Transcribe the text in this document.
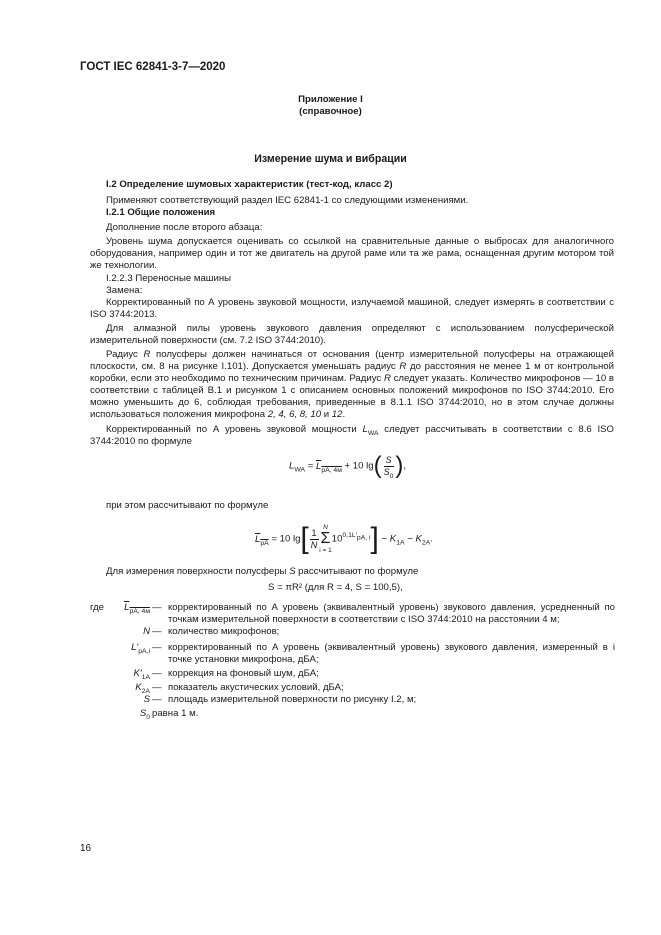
ГОСТ IEC 62841-3-7—2020
Приложение I
(справочное)
Измерение шума и вибрации
I.2 Определение шумовых характеристик (тест-код, класс 2)
Применяют соответствующий раздел IEC 62841-1 со следующими изменениями.
I.2.1 Общие положения
Дополнение после второго абзаца:
Уровень шума допускается оценивать со ссылкой на сравнительные данные о выбросах для аналогичного оборудования, например один и тот же двигатель на другой раме или та же рама, оснащенная другим мотором той же технологии.
I.2.2.3 Переносные машины
Замена:
Корректированный по А уровень звуковой мощности, излучаемой машиной, следует измерять в соответствии с ISO 3744:2013.
Для алмазной пилы уровень звукового давления определяют с использованием полусферической измерительной поверхности (см. 7.2 ISO 3744:2010).
Радиус R полусферы должен начинаться от основания (центр измерительной полусферы на отражающей плоскости, см. 8 на рисунке I.101). Допускается уменьшать радиус R до расстояния не менее 1 м от контрольной коробки, если это необходимо по техническим причинам. Радиус R следует указать. Количество микрофонов — 10 в соответствии с таблицей B.1 и рисунком 1 с описанием основных положений микрофонов по ISO 3744:2010. Его можно уменьшить до 6, соблюдая требования, приведенные в 8.1.1 ISO 3744:2010, но в этом случае должны использоваться положения микрофона 2, 4, 6, 8, 10 и 12.
Корректированный по А уровень звуковой мощности $L_{WA}$ следует рассчитывать в соответствии с 8.6 ISO 3744:2010 по формуле
$L_{WA} = L_{pA, 4м} + 10$ $\lg( \frac{S}{S_0}$ ),
при этом рассчитывают по формуле
$L_{pA} = 10$ $\lg[ \frac{1}{N}$ N
Σ
i = 1
$10^{0,1L'_{pA, i}}] - K_{1A} - K_{2A}$.
Для измерения поверхности полусферы S рассчитывают по формуле
S = πR² (для R = 4, S = 100,5),
где	$L_{pA, 4м}$ — корректированный по А уровень (эквивалентный уровень) звукового давления, усредненный по точкам измерительной поверхности в соответствии с ISO 3744:2010 на расстоянии 4 м;
N — количество микрофонов;
$L'_{pA,i}$ — корректированный по А уровень (эквивалентный уровень) звукового давления, измеренный в i точке установки микрофона, дБА;
$K'_{1A}$ — коррекция на фоновый шум, дБА;
$K_{2A}$ — показатель акустических условий, дБА;
S — площадь измерительной поверхности по рисунку I.2, м;
$S_0$ равна 1 м.
16
